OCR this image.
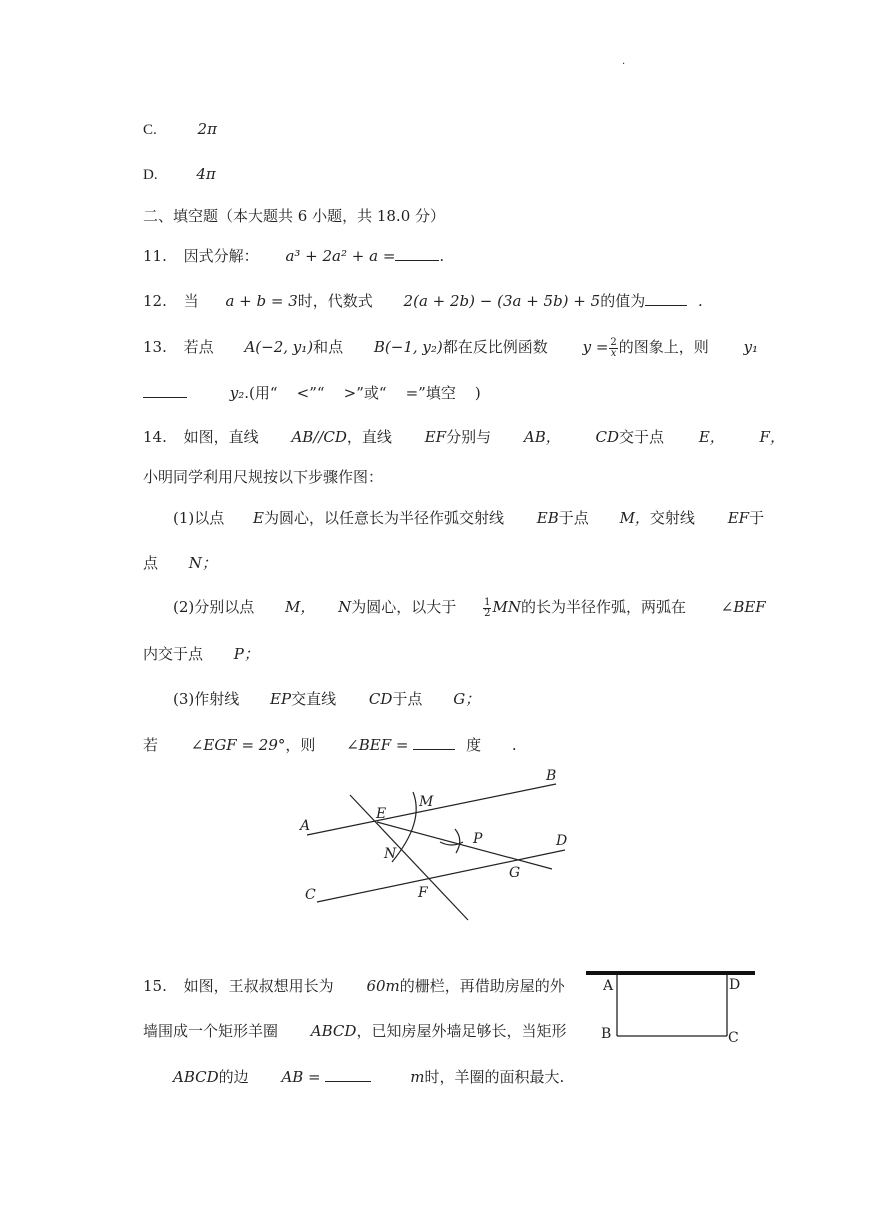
.
C.	2π
D.	4π
二、填空题（本大题共 6 小题，共 18.0 分）
11. 因式分解： a³ + 2a² + a =	.
12. 当 a + b = 3时，代数式 2(a + 2b) − (3a + 5b) + 5的值为	.
13. 若点 A(−2, y₁)和点 B(−1, y₂)都在反比例函数 $y = \frac{2}{x}$ 的图象上，则 y₁
y₂.(用“    <”“    >”或“    =”填空    )
14. 如图，直线 AB//CD，直线 EF分别与 AB， CD交于点 E， F，
小明同学利用尺规按以下步骤作图：
(1)以点 E为圆心，以任意长为半径作弧交射线 EB于点 M，交射线 EF于
点 N；
(2)分别以点 M， N为圆心，以大于	$\frac{1}{2}$ MN的长为半径作弧，两弧在 ∠BEF
内交于点 P；
(3)作射线 EP交直线 CD于点 G；
若 ∠EGF = 29°，则 ∠BEF =	度 .
A
B
C
D
E
F
G
M
N
P
15. 如图，王叔叔想用长为 60m的栅栏，再借助房屋的外
墙围成一个矩形羊圈 ABCD，已知房屋外墙足够长，当矩形
ABCD的边 AB =	m时，羊圈的面积最大.
A
B	C
D
